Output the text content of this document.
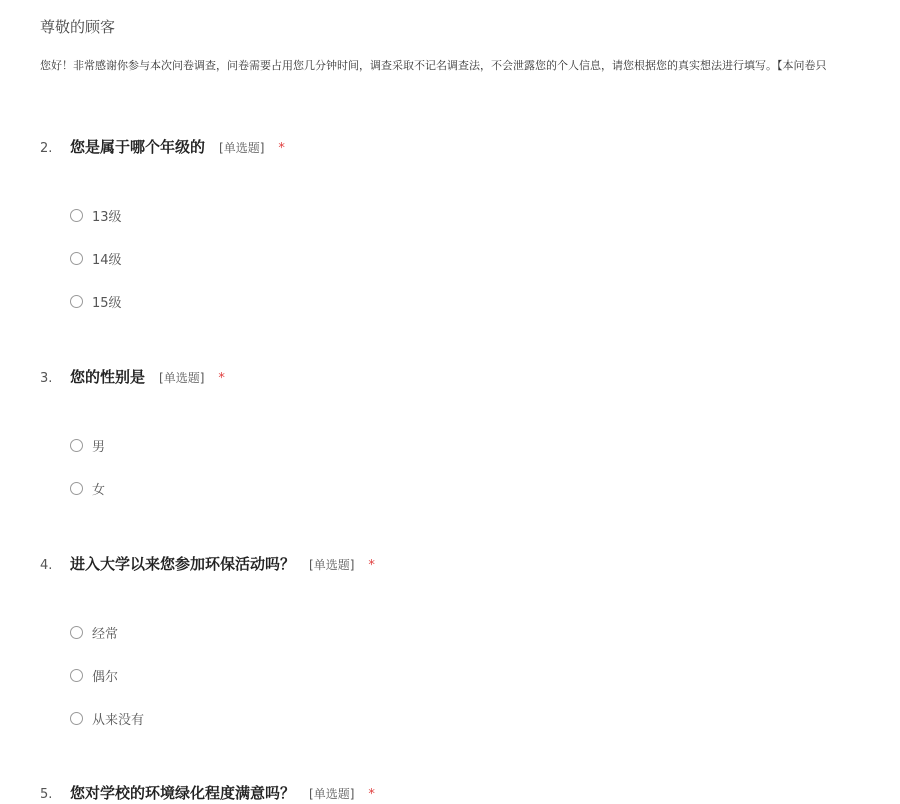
尊敬的顾客
您好！非常感谢你参与本次问卷调查，问卷需要占用您几分钟时间，调查采取不记名调查法，不会泄露您的个人信息，请您根据您的真实想法进行填写。【本问卷只
2.	您是属于哪个年级的 [单选题] *
13级
14级
15级
3.	您的性别是 [单选题] *
男
女
4.	进入大学以来您参加环保活动吗？ [单选题] *
经常
偶尔
从来没有
5.	您对学校的环境绿化程度满意吗？ [单选题] *
